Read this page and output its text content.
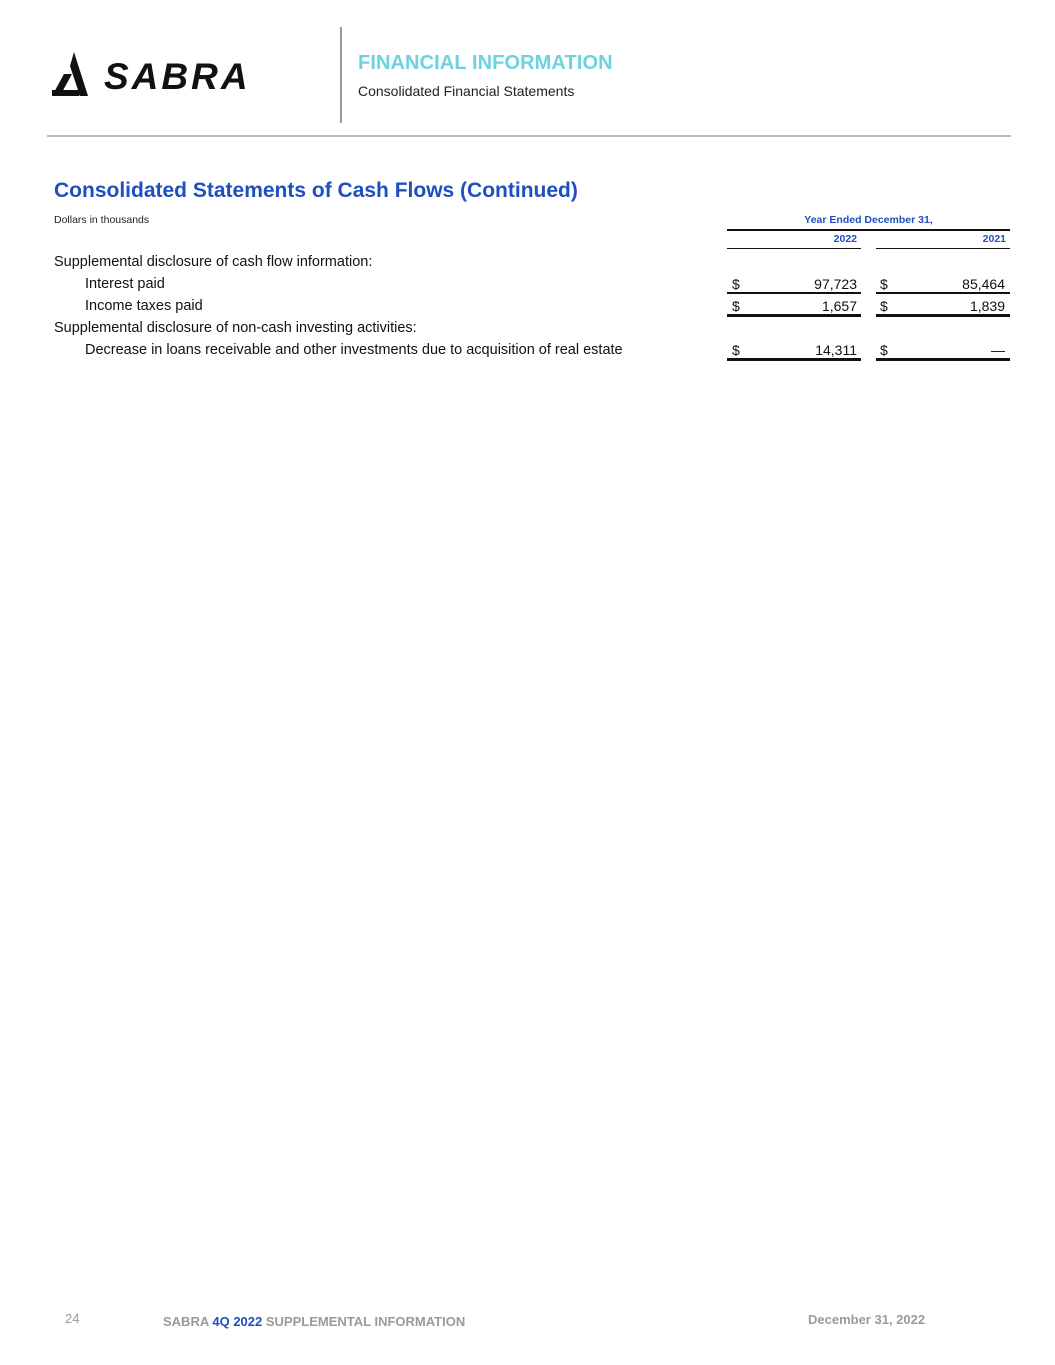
SABRA	FINANCIAL INFORMATION
Consolidated Financial Statements
Consolidated Statements of Cash Flows (Continued)
Dollars in thousands	Year Ended December 31,
2022	2021
Supplemental disclosure of cash flow information:
Interest paid	$	97,723 $	85,464
Income taxes paid	$	1,657 $	1,839
Supplemental disclosure of non-cash investing activities:
Decrease in loans receivable and other investments due to acquisition of real estate	$	14,311 $	—
24	SABRA 4Q 2022 SUPPLEMENTAL INFORMATION	December 31, 2022
